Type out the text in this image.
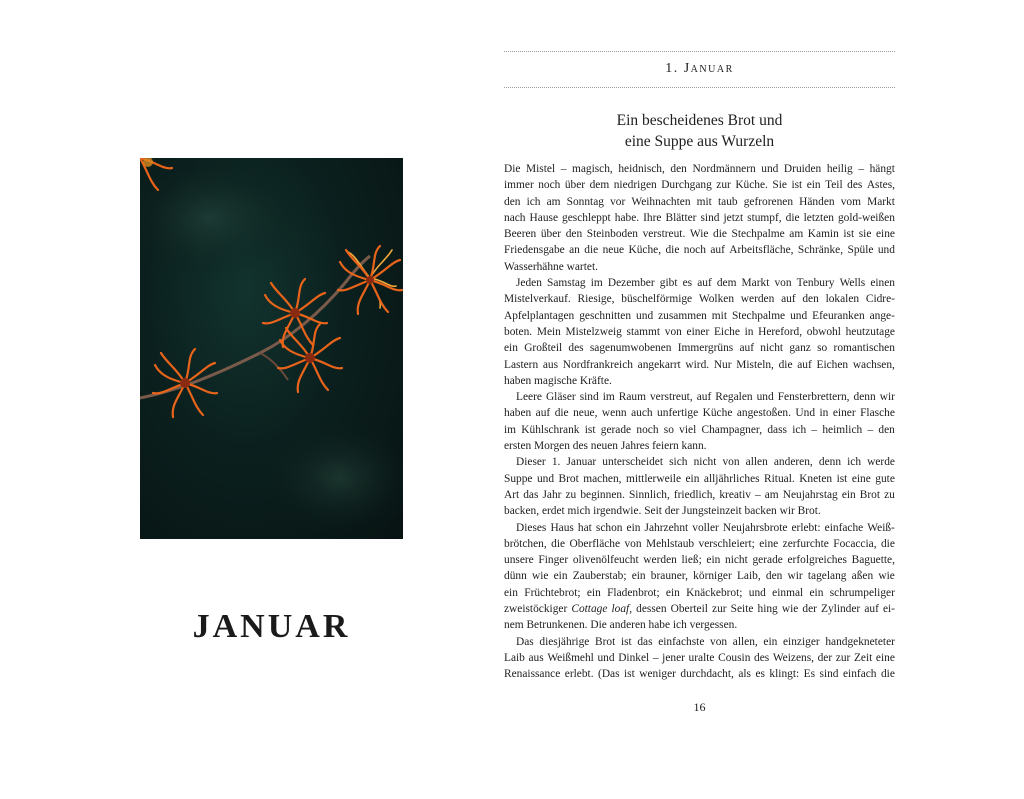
JANUAR
1. Januar
Ein bescheidenes Brot und
eine Suppe aus Wurzeln
Die Mistel – magisch, heidnisch, den Nordmännern und Druiden heilig – hängt
immer noch über dem niedrigen Durchgang zur Küche. Sie ist ein Teil des Astes,
den ich am Sonntag vor Weihnachten mit taub gefrorenen Händen vom Markt
nach Hause geschleppt habe. Ihre Blätter sind jetzt stumpf, die letzten gold-weißen
Beeren über den Steinboden verstreut. Wie die Stechpalme am Kamin ist sie eine
Friedensgabe an die neue Küche, die noch auf Arbeitsfläche, Schränke, Spüle und
Wasserhähne wartet.
Jeden Samstag im Dezember gibt es auf dem Markt von Tenbury Wells einen
Mistelverkauf. Riesige, büschelförmige Wolken werden auf den lokalen Cidre-
Apfelplantagen geschnitten und zusammen mit Stechpalme und Efeuranken ange-
boten. Mein Mistelzweig stammt von einer Eiche in Hereford, obwohl heutzutage
ein Großteil des sagenumwobenen Immergrüns auf nicht ganz so romantischen
Lastern aus Nordfrankreich angekarrt wird. Nur Misteln, die auf Eichen wachsen,
haben magische Kräfte.
Leere Gläser sind im Raum verstreut, auf Regalen und Fensterbrettern, denn wir
haben auf die neue, wenn auch unfertige Küche angestoßen. Und in einer Flasche
im Kühlschrank ist gerade noch so viel Champagner, dass ich – heimlich – den
ersten Morgen des neuen Jahres feiern kann.
Dieser 1. Januar unterscheidet sich nicht von allen anderen, denn ich werde
Suppe und Brot machen, mittlerweile ein alljährliches Ritual. Kneten ist eine gute
Art das Jahr zu beginnen. Sinnlich, friedlich, kreativ – am Neujahrstag ein Brot zu
backen, erdet mich irgendwie. Seit der Jungsteinzeit backen wir Brot.
Dieses Haus hat schon ein Jahrzehnt voller Neujahrsbrote erlebt: einfache Weiß-
brötchen, die Oberfläche von Mehlstaub verschleiert; eine zerfurchte Focaccia, die
unsere Finger olivenölfeucht werden ließ; ein nicht gerade erfolgreiches Baguette,
dünn wie ein Zauberstab; ein brauner, körniger Laib, den wir tagelang aßen wie
ein Früchtebrot; ein Fladenbrot; ein Knäckebrot; und einmal ein schrumpeliger
zweistöckiger Cottage loaf, dessen Oberteil zur Seite hing wie der Zylinder auf ei-
nem Betrunkenen. Die anderen habe ich vergessen.
Das diesjährige Brot ist das einfachste von allen, ein einziger handgekneteter
Laib aus Weißmehl und Dinkel – jener uralte Cousin des Weizens, der zur Zeit eine
Renaissance erlebt. (Das ist weniger durchdacht, als es klingt: Es sind einfach die
16
